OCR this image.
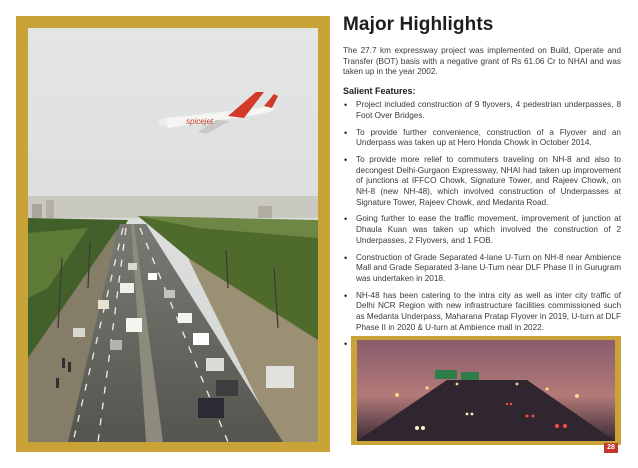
spicejet
Major Highlights

The 27.7 km expressway project was implemented on Build, Operate and Transfer (BOT) basis with a negative grant of Rs 61.06 Cr to NHAI and was taken up in the year 2002.

Salient Features:
• Project included construction of 9 flyovers, 4 pedestrian underpasses, 8 Foot Over Bridges.
• To provide further convenience, construction of a Flyover and an Underpass was taken up at Hero Honda Chowk in October 2014.
• To provide more relief to commuters traveling on NH-8 and also to decongest Delhi-Gurgaon Expressway, NHAI had taken up improvement of junctions at IFFCO Chowk, Signature Tower, and Rajeev Chowk, on NH-8 (new NH-48), which involved construction of Underpasses at Signature Tower, Rajeev Chowk, and Medanta Road.
• Going further to ease the traffic movement, improvement of junction at Dhaula Kuan was taken up which involved the construction of 2 Underpasses, 2 Flyovers, and 1 FOB.
• Construction of Grade Separated 4-lane U-Turn on NH-8 near Ambience Mall and Grade Separated 3-lane U-Turn near DLF Phase II in Gurugram was undertaken in 2018.
• NH-48 has been catering to the intra city as well as inter city traffic of Delhi NCR Region with new infrastructure facilities commissioned such as Medanta Underpass, Maharana Pratap Flyover in 2019, U-turn at DLF Phase II in 2020 & U-turn at Ambience mall in 2022.
•
28
